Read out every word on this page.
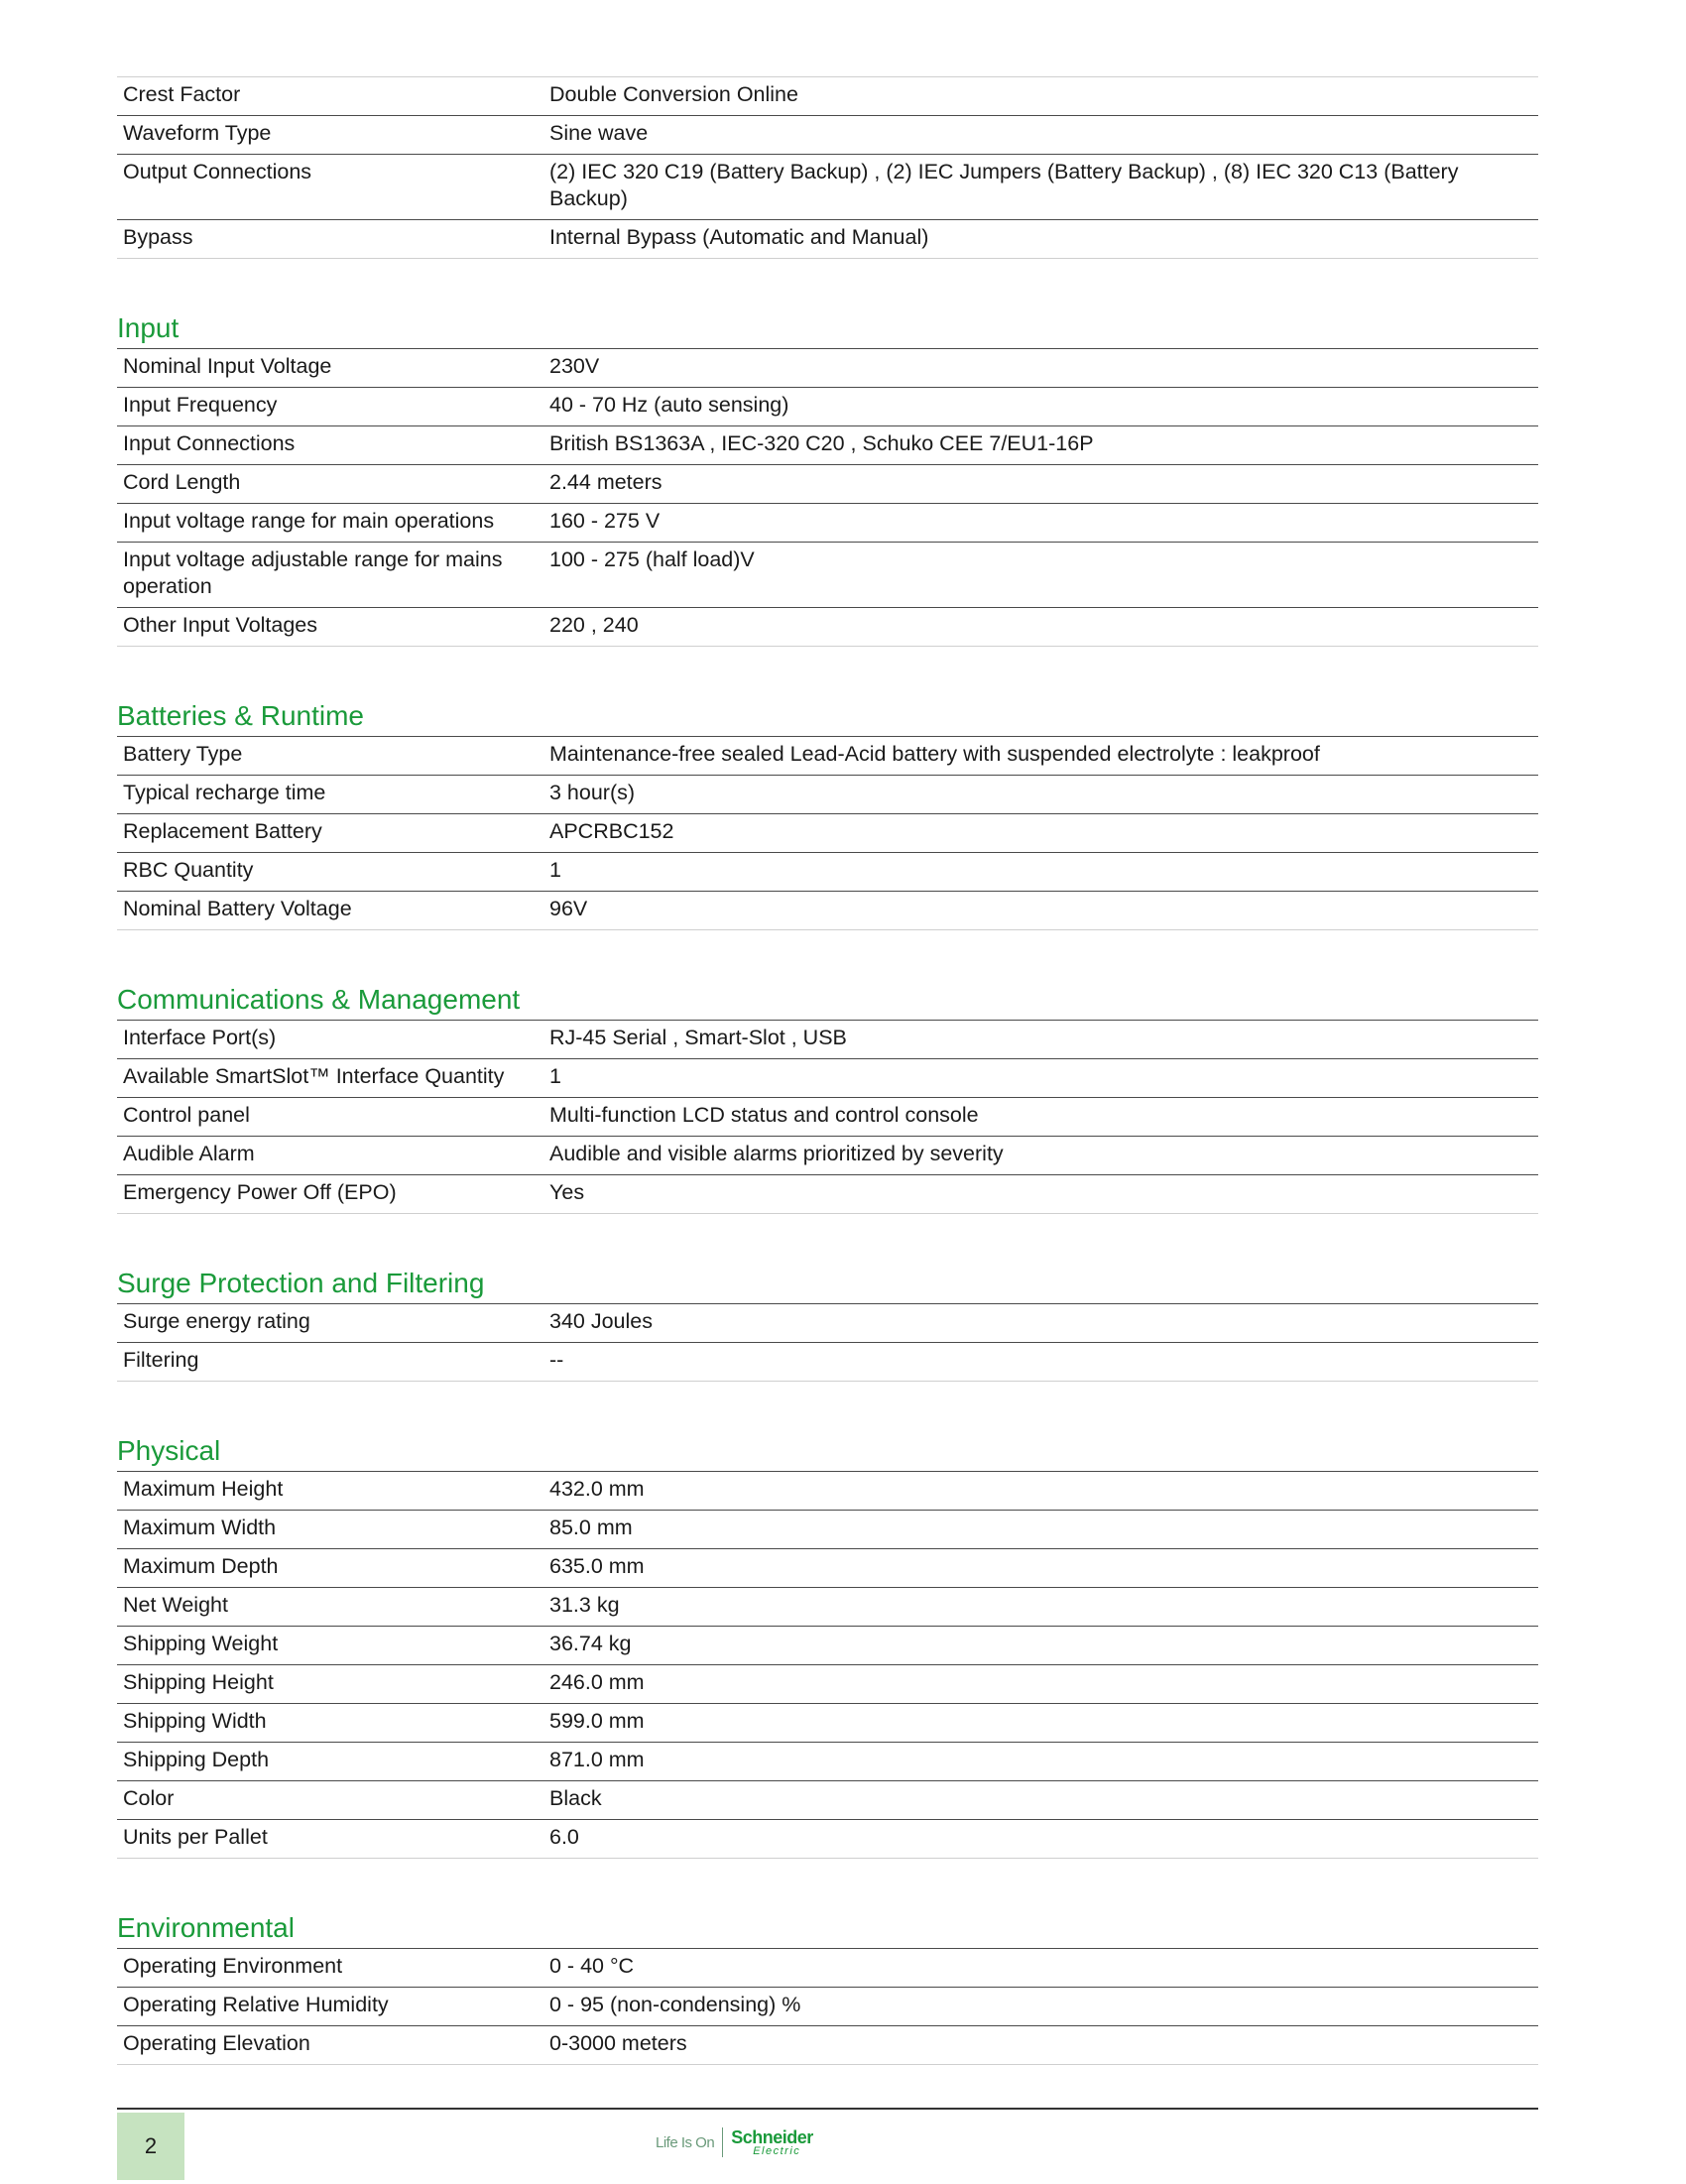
Crest Factor	Double Conversion Online
Waveform Type	Sine wave
Output Connections	(2) IEC 320 C19 (Battery Backup) , (2) IEC Jumpers (Battery Backup) , (8) IEC 320 C13 (Battery Backup)
Bypass	Internal Bypass (Automatic and Manual)
Input
Nominal Input Voltage	230V
Input Frequency	40 - 70 Hz (auto sensing)
Input Connections	British BS1363A , IEC-320 C20 , Schuko CEE 7/EU1-16P
Cord Length	2.44 meters
Input voltage range for main operations	160 - 275 V
Input voltage adjustable range for mains operation	100 - 275 (half load)V
Other Input Voltages	220 , 240
Batteries & Runtime
Battery Type	Maintenance-free sealed Lead-Acid battery with suspended electrolyte : leakproof
Typical recharge time	3 hour(s)
Replacement Battery	APCRBC152
RBC Quantity	1
Nominal Battery Voltage	96V
Communications & Management
Interface Port(s)	RJ-45 Serial , Smart-Slot , USB
Available SmartSlot™ Interface Quantity	1
Control panel	Multi-function LCD status and control console
Audible Alarm	Audible and visible alarms prioritized by severity
Emergency Power Off (EPO)	Yes
Surge Protection and Filtering
Surge energy rating	340 Joules
Filtering	--
Physical
Maximum Height	432.0 mm
Maximum Width	85.0 mm
Maximum Depth	635.0 mm
Net Weight	31.3 kg
Shipping Weight	36.74 kg
Shipping Height	246.0 mm
Shipping Width	599.0 mm
Shipping Depth	871.0 mm
Color	Black
Units per Pallet	6.0
Environmental
Operating Environment	0 - 40 °C
Operating Relative Humidity	0 - 95 (non-condensing) %
Operating Elevation	0-3000 meters
2	Life Is On Schneider
Electric
